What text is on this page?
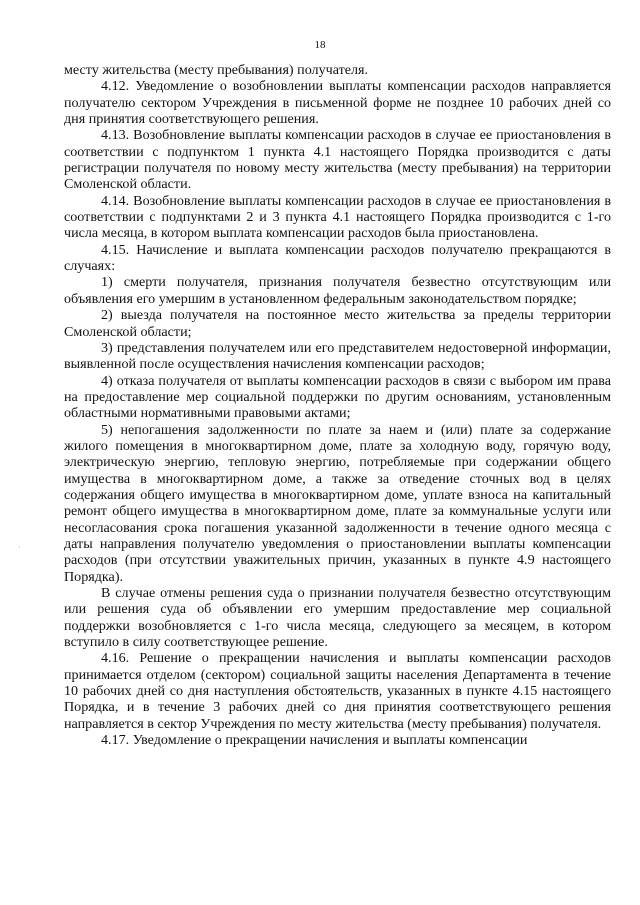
18
·

месту жительства (месту пребывания) получателя.

4.12. Уведомление о возобновлении выплаты компенсации расходов направляется получателю сектором Учреждения в письменной форме не позднее 10 рабочих дней со дня принятия соответствующего решения.

4.13. Возобновление выплаты компенсации расходов в случае ее приостановления в соответствии с подпунктом 1 пункта 4.1 настоящего Порядка производится с даты регистрации получателя по новому месту жительства (месту пребывания) на территории Смоленской области.

4.14. Возобновление выплаты компенсации расходов в случае ее приостановления в соответствии с подпунктами 2 и 3 пункта 4.1 настоящего Порядка производится с 1-го числа месяца, в котором выплата компенсации расходов была приостановлена.

4.15. Начисление и выплата компенсации расходов получателю прекращаются в случаях:

1) смерти получателя, признания получателя безвестно отсутствующим или объявления его умершим в установленном федеральным законодательством порядке;

2) выезда получателя на постоянное место жительства за пределы территории Смоленской области;

3) представления получателем или его представителем недостоверной информации, выявленной после осуществления начисления компенсации расходов;

4) отказа получателя от выплаты компенсации расходов в связи с выбором им права на предоставление мер социальной поддержки по другим основаниям, установленным областными нормативными правовыми актами;

5) непогашения задолженности по плате за наем и (или) плате за содержание жилого помещения в многоквартирном доме, плате за холодную воду, горячую воду, электрическую энергию, тепловую энергию, потребляемые при содержании общего имущества в многоквартирном доме, а также за отведение сточных вод в целях содержания общего имущества в многоквартирном доме, уплате взноса на капитальный ремонт общего имущества в многоквартирном доме, плате за коммунальные услуги или несогласования срока погашения указанной задолженности в течение одного месяца с даты направления получателю уведомления о приостановлении выплаты компенсации расходов (при отсутствии уважительных причин, указанных в пункте 4.9 настоящего Порядка).

В случае отмены решения суда о признании получателя безвестно отсутствующим или решения суда об объявлении его умершим предоставление мер социальной поддержки возобновляется с 1-го числа месяца, следующего за месяцем, в котором вступило в силу соответствующее решение.

4.16. Решение о прекращении начисления и выплаты компенсации расходов принимается отделом (сектором) социальной защиты населения Департамента в течение 10 рабочих дней со дня наступления обстоятельств, указанных в пункте 4.15 настоящего Порядка, и в течение 3 рабочих дней со дня принятия соответствующего решения направляется в сектор Учреждения по месту жительства (месту пребывания) получателя.

4.17. Уведомление о прекращении начисления и выплаты компенсации
